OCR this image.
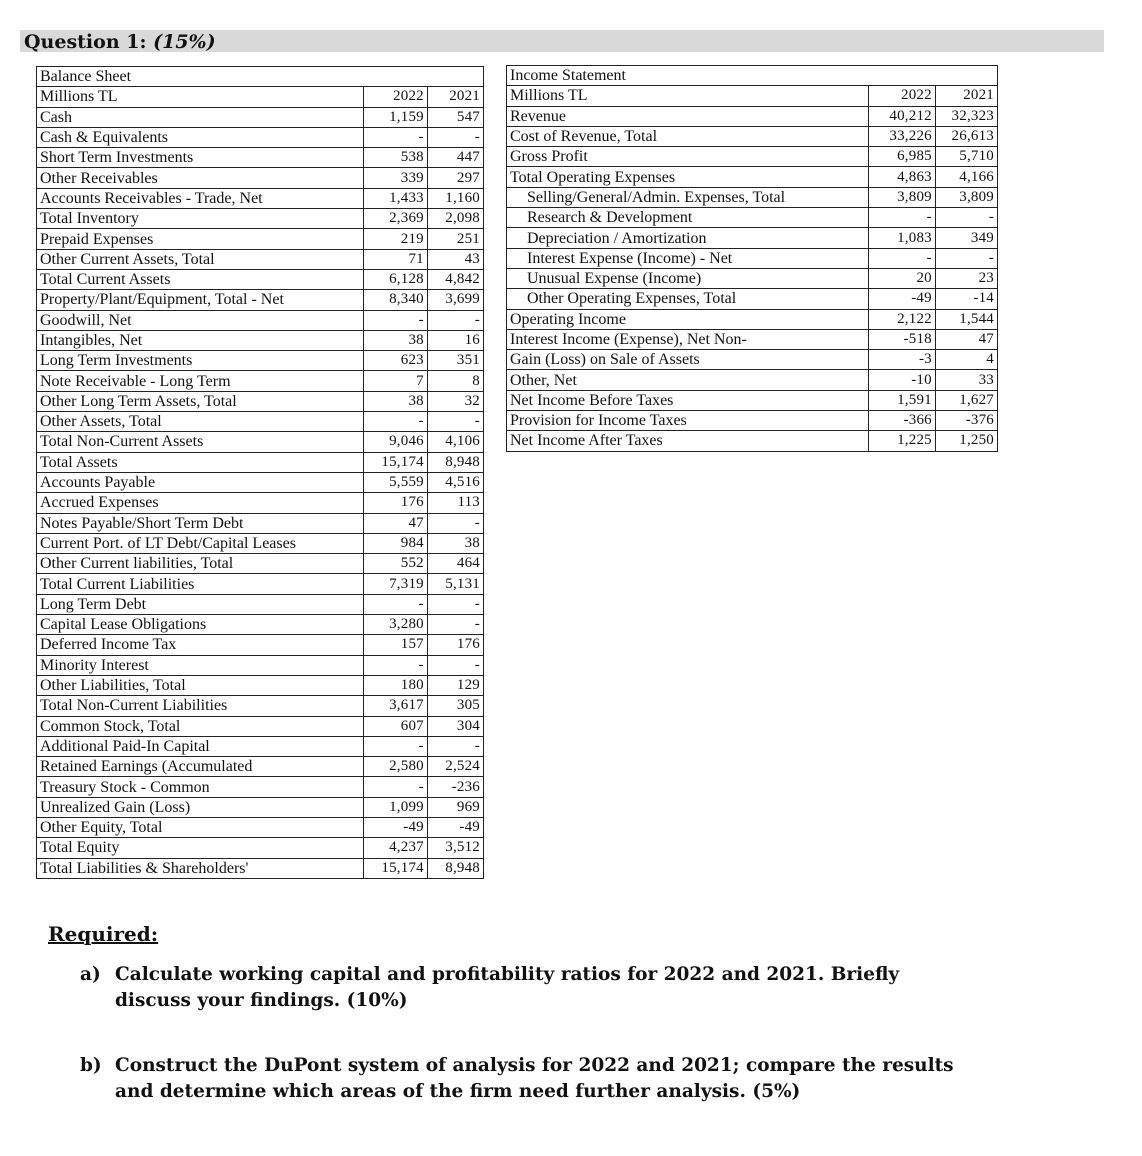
Question 1: (15%)
Balance Sheet		
Millions TL	2022	2021
Cash	1,159	547
Cash & Equivalents	-	-
Short Term Investments	538	447
Other Receivables	339	297
Accounts Receivables - Trade, Net	1,433	1,160
Total Inventory	2,369	2,098
Prepaid Expenses	219	251
Other Current Assets, Total	71	43
Total Current Assets	6,128	4,842
Property/Plant/Equipment, Total - Net	8,340	3,699
Goodwill, Net	-	-
Intangibles, Net	38	16
Long Term Investments	623	351
Note Receivable - Long Term	7	8
Other Long Term Assets, Total	38	32
Other Assets, Total	-	-
Total Non-Current Assets	9,046	4,106
Total Assets	15,174	8,948
Accounts Payable	5,559	4,516
Accrued Expenses	176	113
Notes Payable/Short Term Debt	47	-
Current Port. of LT Debt/Capital Leases	984	38
Other Current liabilities, Total	552	464
Total Current Liabilities	7,319	5,131
Long Term Debt	-	-
Capital Lease Obligations	3,280	-
Deferred Income Tax	157	176
Minority Interest	-	-
Other Liabilities, Total	180	129
Total Non-Current Liabilities	3,617	305
Common Stock, Total	607	304
Additional Paid-In Capital	-	-
Retained Earnings (Accumulated	2,580	2,524
Treasury Stock - Common	-	-236
Unrealized Gain (Loss)	1,099	969
Other Equity, Total	-49	-49
Total Equity	4,237	3,512
Total Liabilities & Shareholders'	15,174	8,948
Income Statement		
Millions TL	2022	2021
Revenue	40,212	32,323
Cost of Revenue, Total	33,226	26,613
Gross Profit	6,985	5,710
Total Operating Expenses	4,863	4,166
Selling/General/Admin. Expenses, Total	3,809	3,809
Research & Development	-	-
Depreciation / Amortization	1,083	349
Interest Expense (Income) - Net	-	-
Unusual Expense (Income)	20	23
Other Operating Expenses, Total	-49	-14
Operating Income	2,122	1,544
Interest Income (Expense), Net Non-	-518	47
Gain (Loss) on Sale of Assets	-3	4
Other, Net	-10	33
Net Income Before Taxes	1,591	1,627
Provision for Income Taxes	-366	-376
Net Income After Taxes	1,225	1,250
Required:
a) Calculate working capital and profitability ratios for 2022 and 2021. Briefly discuss your findings. (10%)
b) Construct the DuPont system of analysis for 2022 and 2021; compare the results and determine which areas of the firm need further analysis. (5%)
